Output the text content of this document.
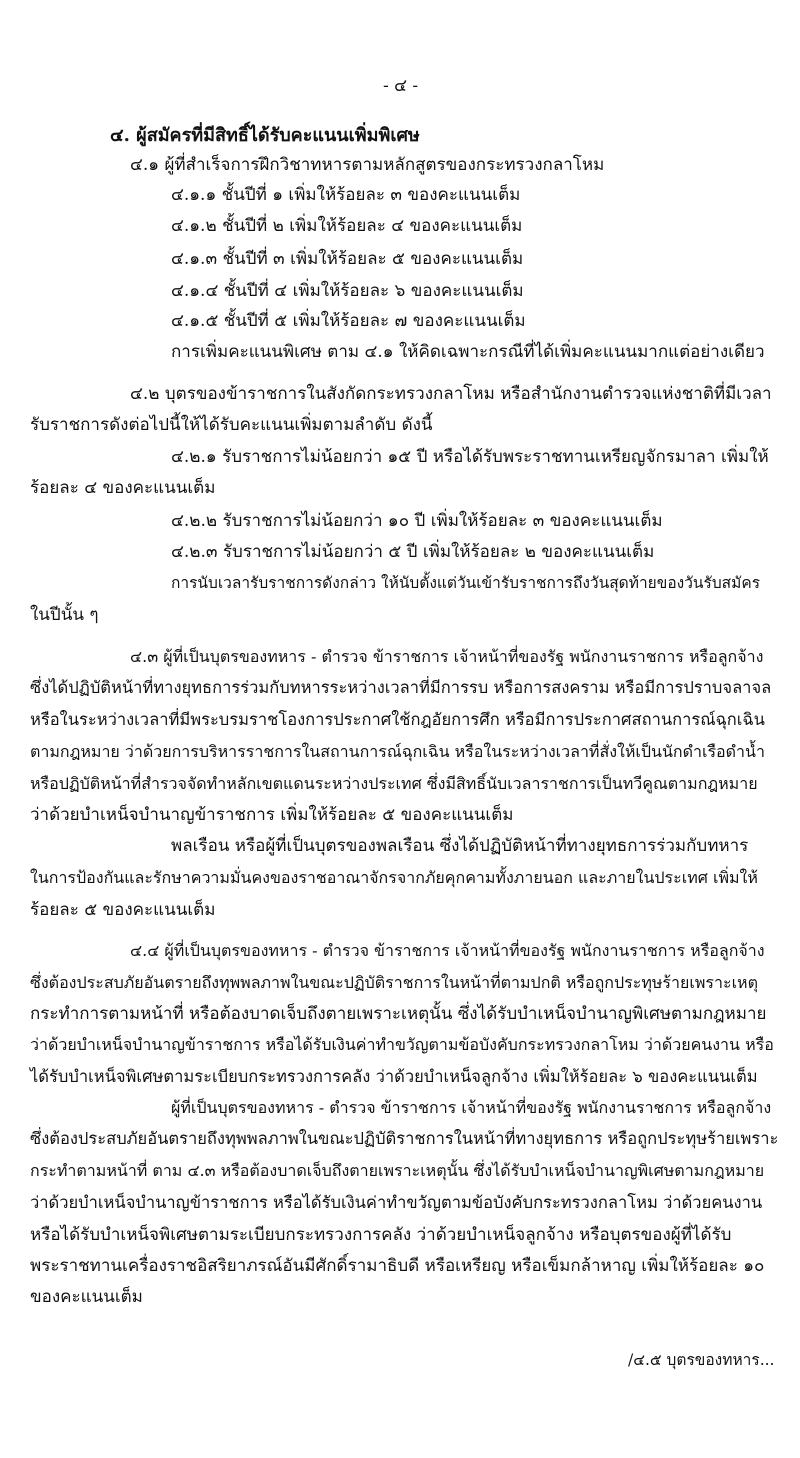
- ๔ -
๔. ผู้สมัครที่มีสิทธิ์ได้รับคะแนนเพิ่มพิเศษ
๔.๑ ผู้ที่สำเร็จการฝึกวิชาทหารตามหลักสูตรของกระทรวงกลาโหม
๔.๑.๑ ชั้นปีที่ ๑ เพิ่มให้ร้อยละ ๓ ของคะแนนเต็ม
๔.๑.๒ ชั้นปีที่ ๒ เพิ่มให้ร้อยละ ๔ ของคะแนนเต็ม
๔.๑.๓ ชั้นปีที่ ๓ เพิ่มให้ร้อยละ ๕ ของคะแนนเต็ม
๔.๑.๔ ชั้นปีที่ ๔ เพิ่มให้ร้อยละ ๖ ของคะแนนเต็ม
๔.๑.๕ ชั้นปีที่ ๕ เพิ่มให้ร้อยละ ๗ ของคะแนนเต็ม
การเพิ่มคะแนนพิเศษ ตาม ๔.๑ ให้คิดเฉพาะกรณีที่ได้เพิ่มคะแนนมากแต่อย่างเดียว
๔.๒ บุตรของข้าราชการในสังกัดกระทรวงกลาโหม หรือสำนักงานตำรวจแห่งชาติที่มีเวลา
รับราชการดังต่อไปนี้ให้ได้รับคะแนนเพิ่มตามลำดับ ดังนี้
๔.๒.๑ รับราชการไม่น้อยกว่า ๑๕ ปี หรือได้รับพระราชทานเหรียญจักรมาลา เพิ่มให้
ร้อยละ ๔ ของคะแนนเต็ม
๔.๒.๒ รับราชการไม่น้อยกว่า ๑๐ ปี เพิ่มให้ร้อยละ ๓ ของคะแนนเต็ม
๔.๒.๓ รับราชการไม่น้อยกว่า ๕ ปี เพิ่มให้ร้อยละ ๒ ของคะแนนเต็ม
การนับเวลารับราชการดังกล่าว ให้นับตั้งแต่วันเข้ารับราชการถึงวันสุดท้ายของวันรับสมัคร
ในปีนั้น ๆ
๔.๓ ผู้ที่เป็นบุตรของทหาร - ตำรวจ ข้าราชการ เจ้าหน้าที่ของรัฐ พนักงานราชการ หรือลูกจ้าง
ซึ่งได้ปฏิบัติหน้าที่ทางยุทธการร่วมกับทหารระหว่างเวลาที่มีการรบ หรือการสงคราม หรือมีการปราบจลาจล
หรือในระหว่างเวลาที่มีพระบรมราชโองการประกาศใช้กฎอัยการศึก หรือมีการประกาศสถานการณ์ฉุกเฉิน
ตามกฎหมาย ว่าด้วยการบริหารราชการในสถานการณ์ฉุกเฉิน หรือในระหว่างเวลาที่สั่งให้เป็นนักดำเรือดำน้ำ
หรือปฏิบัติหน้าที่สำรวจจัดทำหลักเขตแดนระหว่างประเทศ ซึ่งมีสิทธิ์นับเวลาราชการเป็นทวีคูณตามกฎหมาย
ว่าด้วยบำเหน็จบำนาญข้าราชการ เพิ่มให้ร้อยละ ๕ ของคะแนนเต็ม
พลเรือน หรือผู้ที่เป็นบุตรของพลเรือน ซึ่งได้ปฏิบัติหน้าที่ทางยุทธการร่วมกับทหาร
ในการป้องกันและรักษาความมั่นคงของราชอาณาจักรจากภัยคุกคามทั้งภายนอก และภายในประเทศ เพิ่มให้
ร้อยละ ๕ ของคะแนนเต็ม
๔.๔ ผู้ที่เป็นบุตรของทหาร - ตำรวจ ข้าราชการ เจ้าหน้าที่ของรัฐ พนักงานราชการ หรือลูกจ้าง
ซึ่งต้องประสบภัยอันตรายถึงทุพพลภาพในขณะปฏิบัติราชการในหน้าที่ตามปกติ หรือถูกประทุษร้ายเพราะเหตุ
กระทำการตามหน้าที่ หรือต้องบาดเจ็บถึงตายเพราะเหตุนั้น ซึ่งได้รับบำเหน็จบำนาญพิเศษตามกฎหมาย
ว่าด้วยบำเหน็จบำนาญข้าราชการ หรือได้รับเงินค่าทำขวัญตามข้อบังคับกระทรวงกลาโหม ว่าด้วยคนงาน หรือ
ได้รับบำเหน็จพิเศษตามระเบียบกระทรวงการคลัง ว่าด้วยบำเหน็จลูกจ้าง เพิ่มให้ร้อยละ ๖ ของคะแนนเต็ม
ผู้ที่เป็นบุตรของทหาร - ตำรวจ ข้าราชการ เจ้าหน้าที่ของรัฐ พนักงานราชการ หรือลูกจ้าง
ซึ่งต้องประสบภัยอันตรายถึงทุพพลภาพในขณะปฏิบัติราชการในหน้าที่ทางยุทธการ หรือถูกประทุษร้ายเพราะ
กระทำตามหน้าที่ ตาม ๔.๓ หรือต้องบาดเจ็บถึงตายเพราะเหตุนั้น ซึ่งได้รับบำเหน็จบำนาญพิเศษตามกฎหมาย
ว่าด้วยบำเหน็จบำนาญข้าราชการ หรือได้รับเงินค่าทำขวัญตามข้อบังคับกระทรวงกลาโหม ว่าด้วยคนงาน
หรือได้รับบำเหน็จพิเศษตามระเบียบกระทรวงการคลัง ว่าด้วยบำเหน็จลูกจ้าง หรือบุตรของผู้ที่ได้รับ
พระราชทานเครื่องราชอิสริยาภรณ์อันมีศักดิ์รามาธิบดี หรือเหรียญ หรือเข็มกล้าหาญ เพิ่มให้ร้อยละ ๑๐
ของคะแนนเต็ม
/๔.๕ บุตรของทหาร...
